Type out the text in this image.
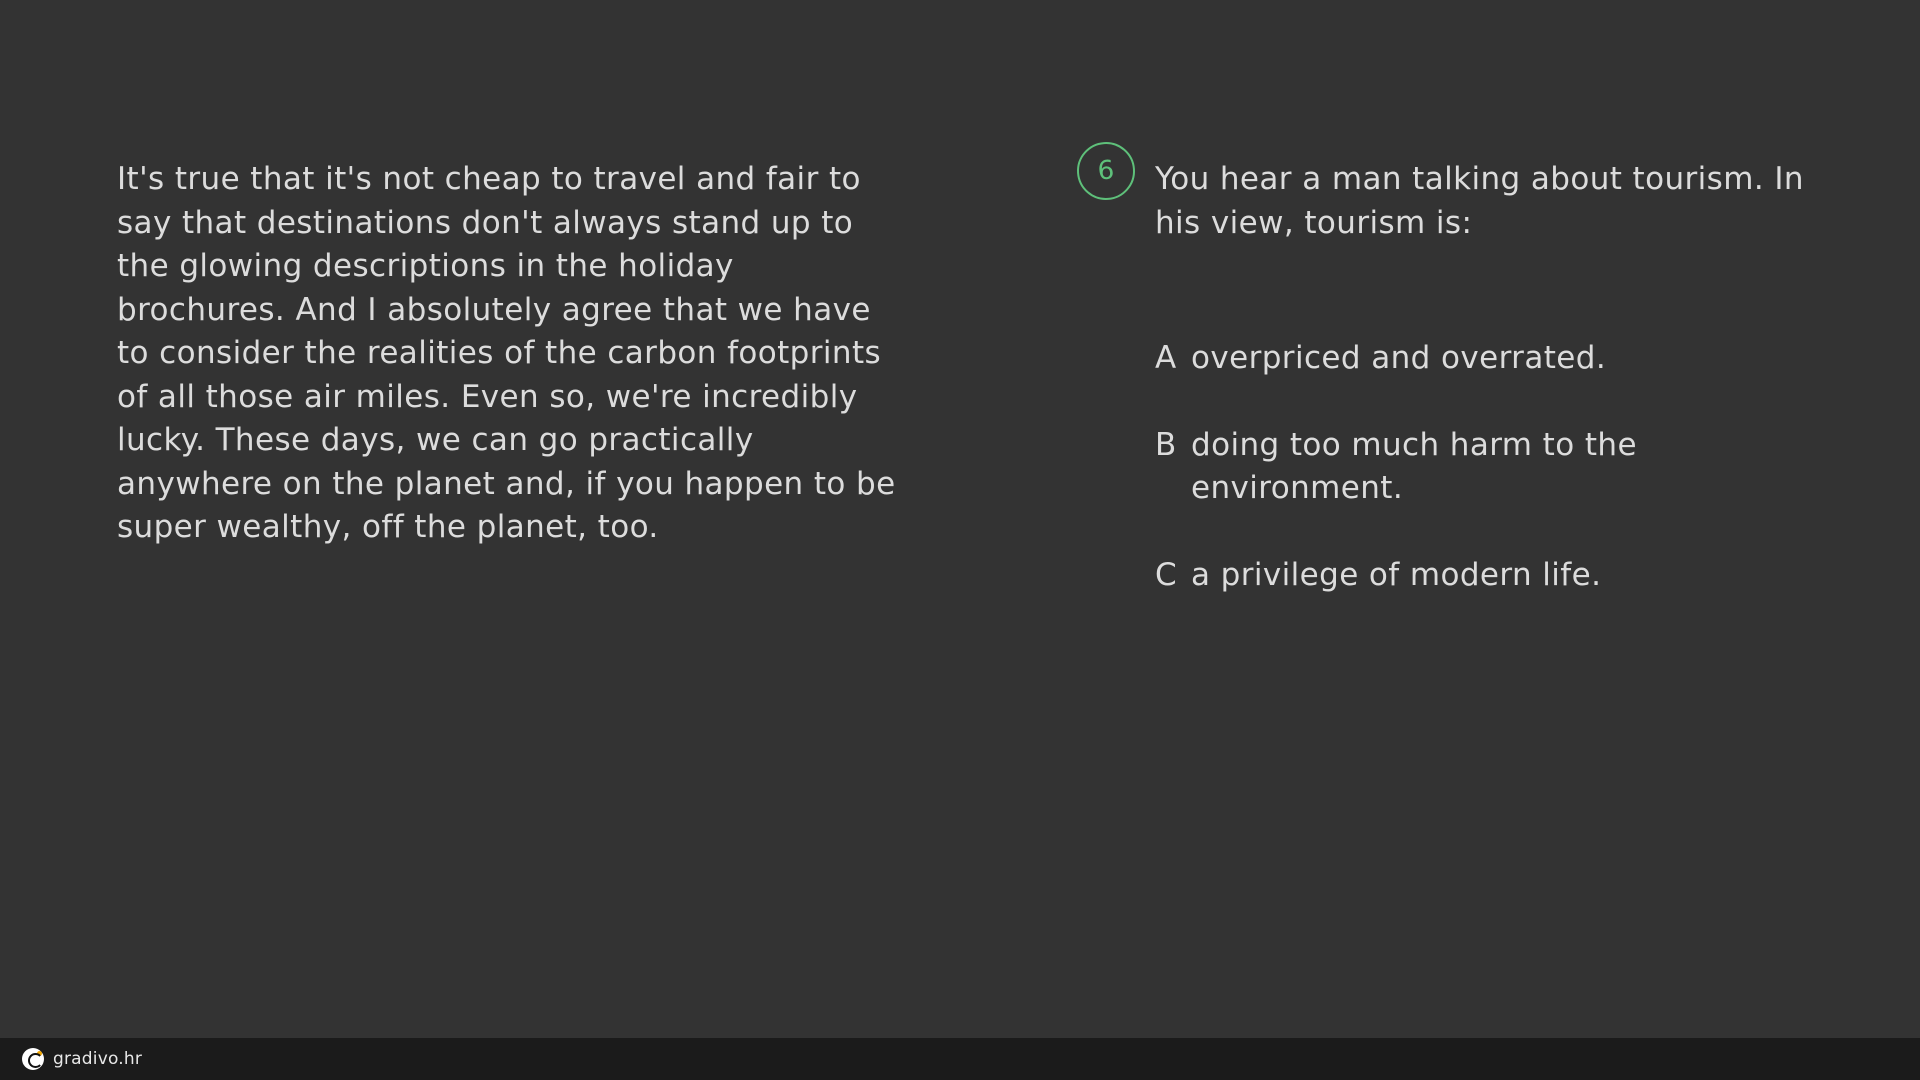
It's true that it's not cheap to travel and fair to say that destinations don't always stand up to the glowing descriptions in the holiday brochures. And I absolutely agree that we have to consider the realities of the carbon footprints of all those air miles. Even so, we're incredibly lucky. These days, we can go practically anywhere on the planet and, if you happen to be super wealthy, off the planet, too.
6	You hear a man talking about tourism. In his view, tourism is:
A overpriced and overrated.
B doing too much harm to the environment.
C a privilege of modern life.
gradivo.hr
